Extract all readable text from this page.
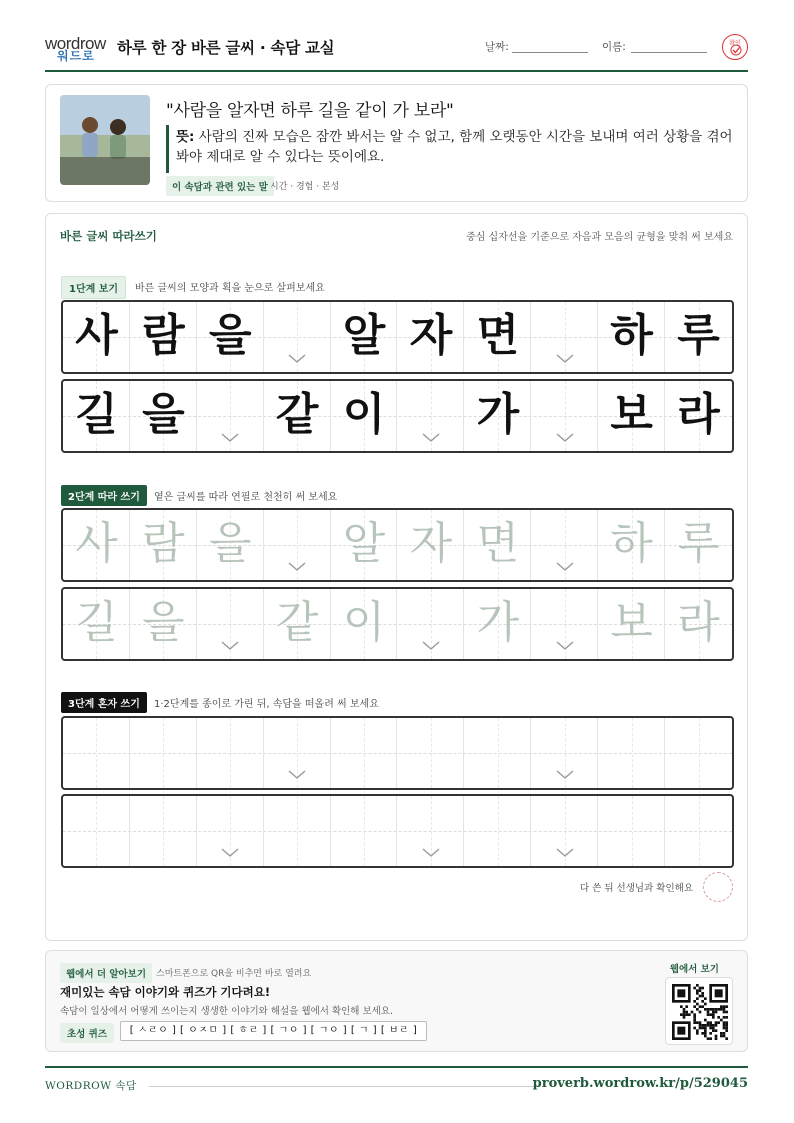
wordrow
워드로 하루 한 장 바른 글씨 · 속담 교실	날짜:	이름:	확인
"사람을 알자면 하루 길을 같이 가 보라"
뜻: 사람의 진짜 모습은 잠깐 봐서는 알 수 없고, 함께 오랫동안 시간을 보내며 여러 상황을 겪어 봐야 제대로 알 수 있다는 뜻이에요.
이 속담과 관련 있는 말 시간 · 경험 · 본성
바른 글씨 따라쓰기	중심 십자선을 기준으로 자음과 모음의 균형을 맞춰 써 보세요
1단계 보기	바른 글씨의 모양과 획을 눈으로 살펴보세요
사 람 을 알 자 면 하 루
길 을 같 이 가 보 라
2단계 따라 쓰기	옅은 글씨를 따라 연필로 천천히 써 보세요
사 람 을 알 자 면 하 루
길 을 같 이 가 보 라
3단계 혼자 쓰기	1·2단계를 종이로 가린 뒤, 속담을 떠올려 써 보세요
다 쓴 뒤 선생님과 확인해요
웹에서 더 알아보기	스마트폰으로 QR을 비추면 바로 열려요
재미있는 속담 이야기와 퀴즈가 기다려요!
속담이 일상에서 어떻게 쓰이는지 생생한 이야기와 해설을 웹에서 확인해 보세요.
초성 퀴즈	[ ㅅㄹㅇ ] [ ㅇㅈㅁ ] [ ㅎㄹ ] [ ㄱㅇ ] [ ㄱㅇ ] [ ㄱ ] [ ㅂㄹ ]
웹에서 보기
WORDROW 속담	proverb.wordrow.kr/p/529045
